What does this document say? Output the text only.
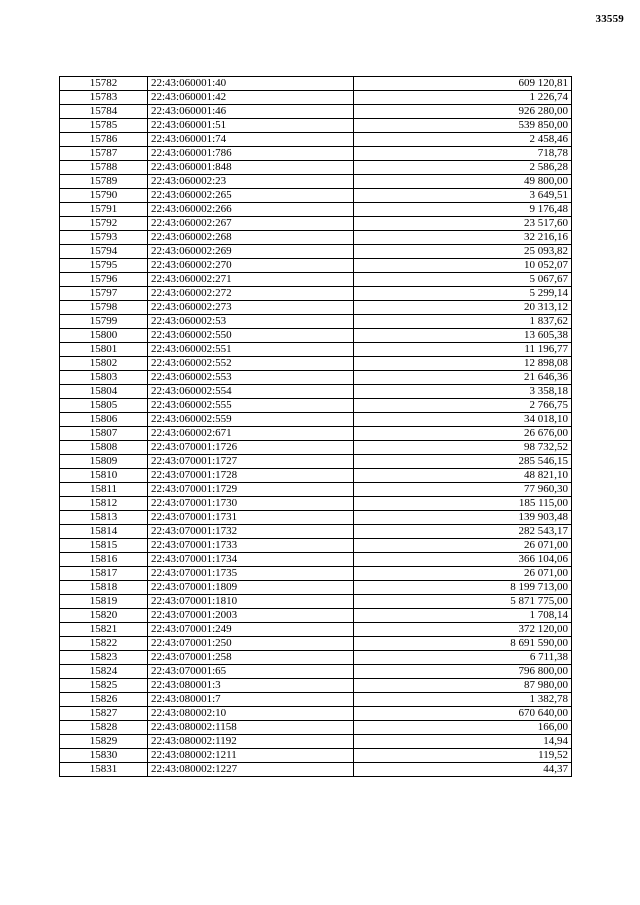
33559
15782	22:43:060001:40	609 120,81
15783	22:43:060001:42	1 226,74
15784	22:43:060001:46	926 280,00
15785	22:43:060001:51	539 850,00
15786	22:43:060001:74	2 458,46
15787	22:43:060001:786	718,78
15788	22:43:060001:848	2 586,28
15789	22:43:060002:23	49 800,00
15790	22:43:060002:265	3 649,51
15791	22:43:060002:266	9 176,48
15792	22:43:060002:267	23 517,60
15793	22:43:060002:268	32 216,16
15794	22:43:060002:269	25 093,82
15795	22:43:060002:270	10 052,07
15796	22:43:060002:271	5 067,67
15797	22:43:060002:272	5 299,14
15798	22:43:060002:273	20 313,12
15799	22:43:060002:53	1 837,62
15800	22:43:060002:550	13 605,38
15801	22:43:060002:551	11 196,77
15802	22:43:060002:552	12 898,08
15803	22:43:060002:553	21 646,36
15804	22:43:060002:554	3 358,18
15805	22:43:060002:555	2 766,75
15806	22:43:060002:559	34 018,10
15807	22:43:060002:671	26 676,00
15808	22:43:070001:1726	98 732,52
15809	22:43:070001:1727	285 546,15
15810	22:43:070001:1728	48 821,10
15811	22:43:070001:1729	77 960,30
15812	22:43:070001:1730	185 115,00
15813	22:43:070001:1731	139 903,48
15814	22:43:070001:1732	282 543,17
15815	22:43:070001:1733	26 071,00
15816	22:43:070001:1734	366 104,06
15817	22:43:070001:1735	26 071,00
15818	22:43:070001:1809	8 199 713,00
15819	22:43:070001:1810	5 871 775,00
15820	22:43:070001:2003	1 708,14
15821	22:43:070001:249	372 120,00
15822	22:43:070001:250	8 691 590,00
15823	22:43:070001:258	6 711,38
15824	22:43:070001:65	796 800,00
15825	22:43:080001:3	87 980,00
15826	22:43:080001:7	1 382,78
15827	22:43:080002:10	670 640,00
15828	22:43:080002:1158	166,00
15829	22:43:080002:1192	14,94
15830	22:43:080002:1211	119,52
15831	22:43:080002:1227	44,37
